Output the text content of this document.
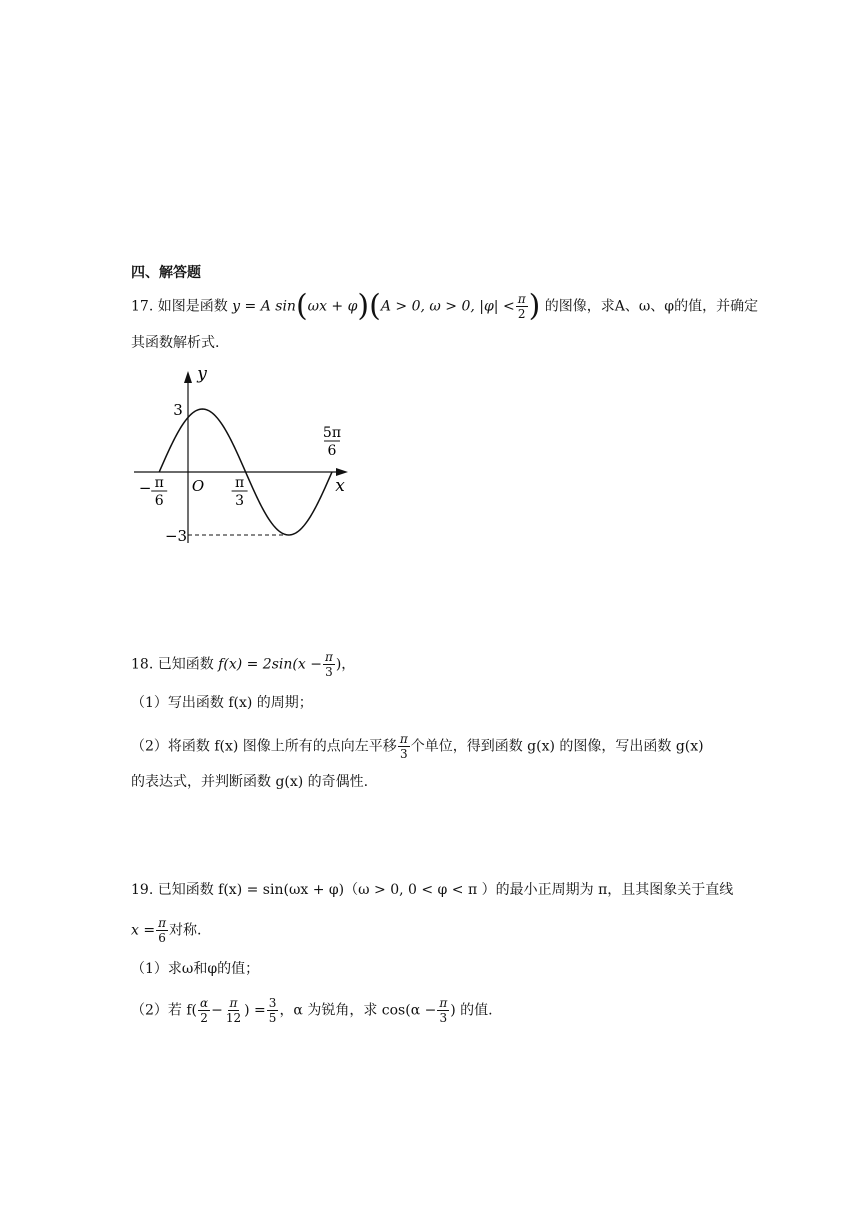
四、解答题
17. 如图是函数 y = A sin(ωx + φ)(A > 0, ω > 0, $|\varphi| < \frac{\pi}{2}$ ) 的图像，求A、ω、φ的值，并确定
其函数解析式.
y
x
O
3
−3
− π
6
π
3
5π
6
18. 已知函数 $f(x) = 2\sin(x - \frac{\pi}{3}$ )，
（1）写出函数 f(x) 的周期；
（2）将函数 f(x) 图像上所有的点向左平移 $\frac{\pi}{3}$ 个单位，得到函数 g(x) 的图像，写出函数 g(x)
的表达式，并判断函数 g(x) 的奇偶性.
19. 已知函数 f(x) = sin(ωx + φ)（ω > 0, 0 < φ < π ）的最小正周期为 π，且其图象关于直线
$x = \frac{\pi}{6}$ 对称.
（1）求ω和φ的值；
（2）若 $f( \frac{\alpha}{2} - \frac{\pi}{12}$ ) = $\frac{3}{5}$ ，α 为锐角，求 $\cos(\alpha - \frac{\pi}{3}$ ) 的值.
